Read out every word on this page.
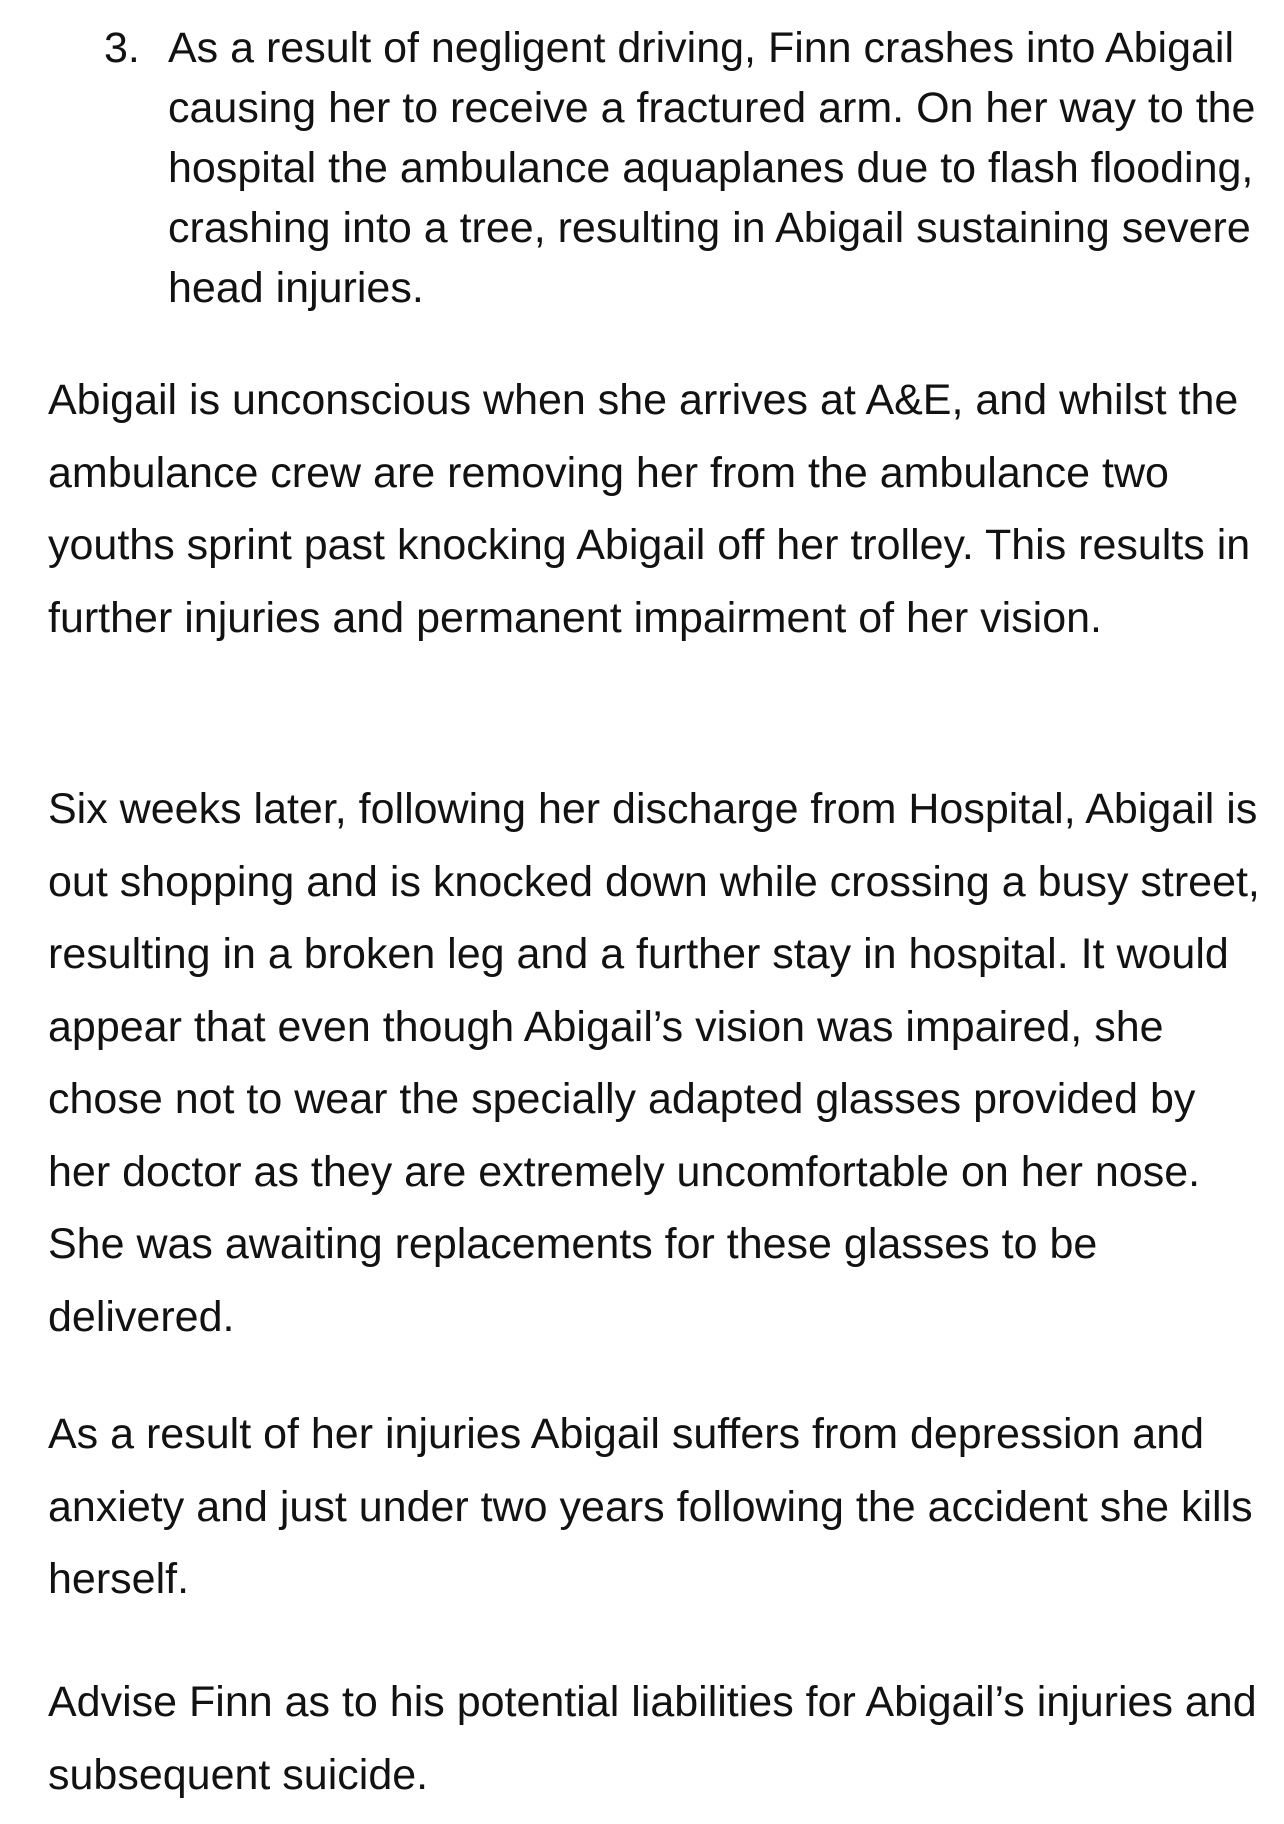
3. As a result of negligent driving, Finn crashes into Abigail causing her to receive a fractured arm. On her way to the hospital the ambulance aquaplanes due to flash flooding, crashing into a tree, resulting in Abigail sustaining severe head injuries.

Abigail is unconscious when she arrives at A&E, and whilst the ambulance crew are removing her from the ambulance two youths sprint past knocking Abigail off her trolley. This results in further injuries and permanent impairment of her vision.

Six weeks later, following her discharge from Hospital, Abigail is out shopping and is knocked down while crossing a busy street, resulting in a broken leg and a further stay in hospital. It would appear that even though Abigail’s vision was impaired, she chose not to wear the specially adapted glasses provided by her doctor as they are extremely uncomfortable on her nose. She was awaiting replacements for these glasses to be delivered.

As a result of her injuries Abigail suffers from depression and anxiety and just under two years following the accident she kills herself.

Advise Finn as to his potential liabilities for Abigail’s injuries and subsequent suicide.
